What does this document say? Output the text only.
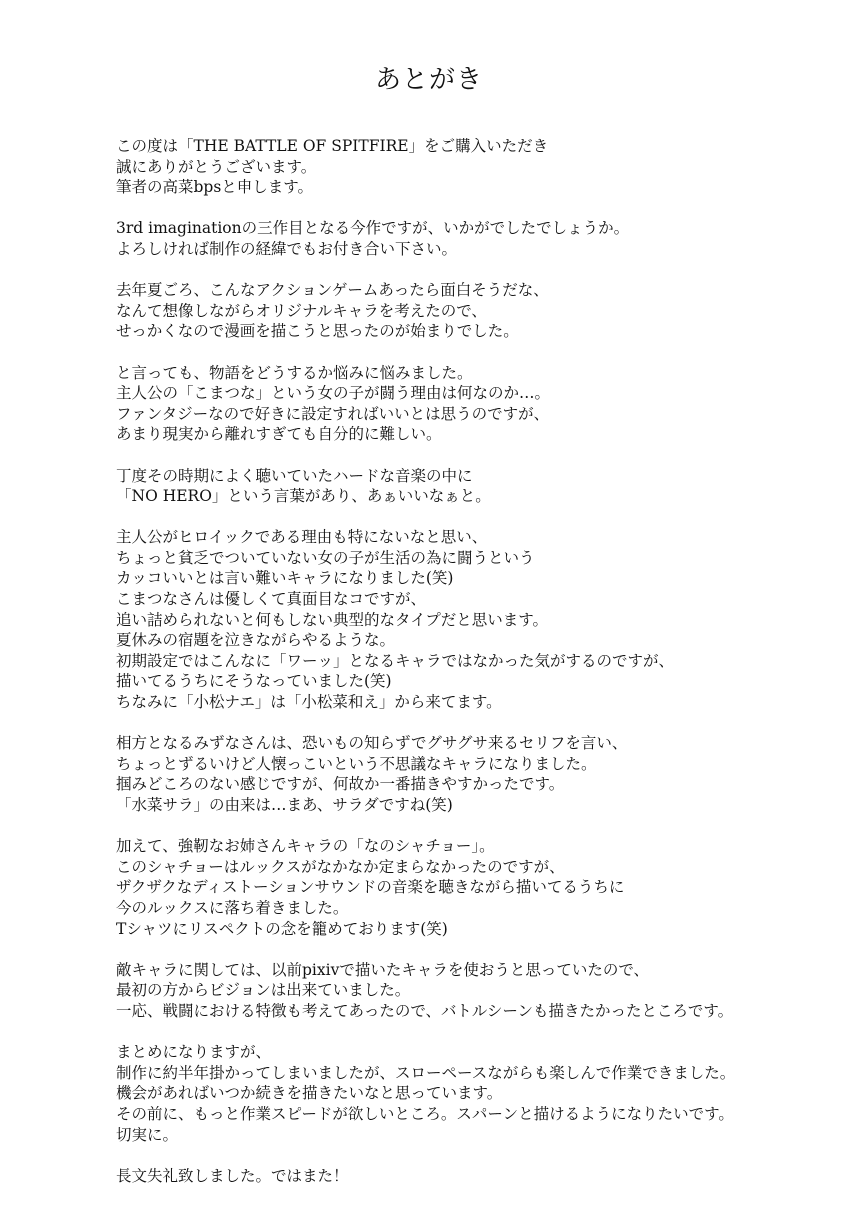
あとがき
この度は「THE BATTLE OF SPITFIRE」をご購入いただき
誠にありがとうございます。
筆者の高菜bpsと申します。
3rd imaginationの三作目となる今作ですが、いかがでしたでしょうか。
よろしければ制作の経緯でもお付き合い下さい。
去年夏ごろ、こんなアクションゲームあったら面白そうだな、
なんて想像しながらオリジナルキャラを考えたので、
せっかくなので漫画を描こうと思ったのが始まりでした。
と言っても、物語をどうするか悩みに悩みました。
主人公の「こまつな」という女の子が闘う理由は何なのか…。
ファンタジーなので好きに設定すればいいとは思うのですが、
あまり現実から離れすぎても自分的に難しい。
丁度その時期によく聴いていたハードな音楽の中に
「NO HERO」という言葉があり、あぁいいなぁと。
主人公がヒロイックである理由も特にないなと思い、
ちょっと貧乏でついていない女の子が生活の為に闘うという
カッコいいとは言い難いキャラになりました(笑)
こまつなさんは優しくて真面目なコですが、
追い詰められないと何もしない典型的なタイプだと思います。
夏休みの宿題を泣きながらやるような。
初期設定ではこんなに「ワーッ」となるキャラではなかった気がするのですが、
描いてるうちにそうなっていました(笑)
ちなみに「小松ナエ」は「小松菜和え」から来てます。
相方となるみずなさんは、恐いもの知らずでグサグサ来るセリフを言い、
ちょっとずるいけど人懐っこいという不思議なキャラになりました。
掴みどころのない感じですが、何故か一番描きやすかったです。
「水菜サラ」の由来は…まあ、サラダですね(笑)
加えて、強靭なお姉さんキャラの「なのシャチョー」。
このシャチョーはルックスがなかなか定まらなかったのですが、
ザクザクなディストーションサウンドの音楽を聴きながら描いてるうちに
今のルックスに落ち着きました。
Tシャツにリスペクトの念を籠めております(笑)
敵キャラに関しては、以前pixivで描いたキャラを使おうと思っていたので、
最初の方からビジョンは出来ていました。
一応、戦闘における特徴も考えてあったので、バトルシーンも描きたかったところです。
まとめになりますが、
制作に約半年掛かってしまいましたが、スローペースながらも楽しんで作業できました。
機会があればいつか続きを描きたいなと思っています。
その前に、もっと作業スピードが欲しいところ。スパーンと描けるようになりたいです。
切実に。
長文失礼致しました。ではまた！
